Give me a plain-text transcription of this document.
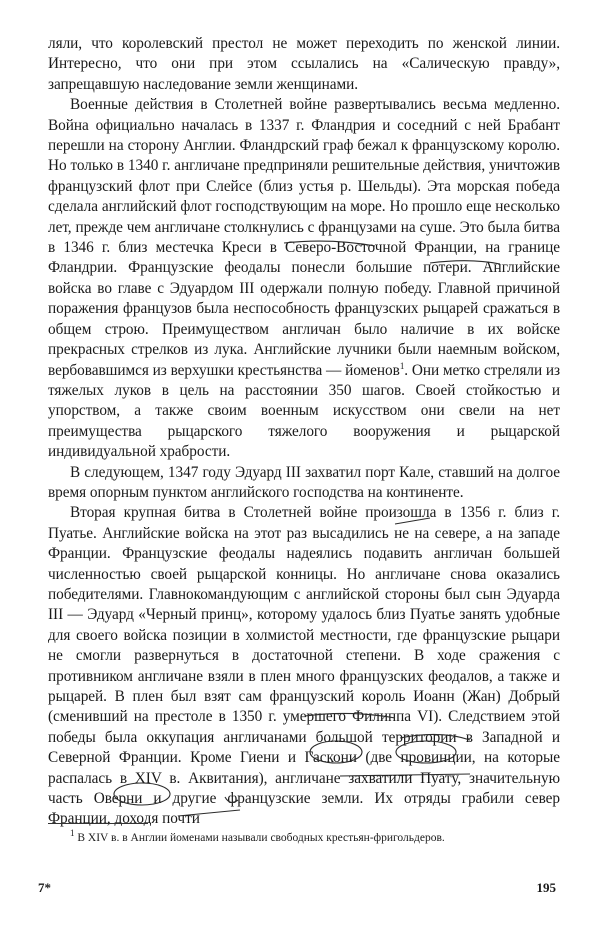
ляли, что королевский престол не может переходить по женской линии. Интересно, что они при этом ссылались на «Салическую правду», запрещавшую наследование земли женщинами.

Военные действия в Столетней войне развертывались весьма медленно. Война официально началась в 1337 г. Фландрия и соседний с ней Брабант перешли на сторону Англии. Фландрский граф бежал к французскому королю. Но только в 1340 г. англичане предприняли решительные действия, уничтожив французский флот при Слейсе (близ устья р. Шельды). Эта морская победа сделала английский флот господствующим на море. Но прошло еще несколько лет, прежде чем англичане столкнулись с французами на суше. Это была битва в 1346 г. близ местечка Креси в Северо-Восточной Франции, на границе Фландрии. Французские феодалы понесли большие потери. Английские войска во главе с Эдуардом III одержали полную победу. Главной причиной поражения французов была неспособность французских рыцарей сражаться в общем строю. Преимуществом англичан было наличие в их войске прекрасных стрелков из лука. Английские лучники были наемным войском, вербовавшимся из верхушки крестьянства — йоменов$^1$. Они метко стреляли из тяжелых луков в цель на расстоянии 350 шагов. Своей стойкостью и упорством, а также своим военным искусством они свели на нет преимущества рыцарского тяжелого вооружения и рыцарской индивидуальной храбрости.

В следующем, 1347 году Эдуард III захватил порт Кале, ставший на долгое время опорным пунктом английского господства на континенте.

Вторая крупная битва в Столетней войне произошла в 1356 г. близ г. Пуатье. Английские войска на этот раз высадились не на севере, а на западе Франции. Французские феодалы надеялись подавить англичан большей численностью своей рыцарской конницы. Но англичане снова оказались победителями. Главнокомандующим с английской стороны был сын Эдуарда III — Эдуард «Черный принц», которому удалось близ Пуатье занять удобные для своего войска позиции в холмистой местности, где французские рыцари не смогли развернуться в достаточной степени. В ходе сражения с противником англичане взяли в плен много французских феодалов, а также и рыцарей. В плен был взят сам французский король Иоанн (Жан) Добрый (сменивший на престоле в 1350 г. умершего Филиппа VI). Следствием этой победы была оккупация англичанами большой территории в Западной и Северной Франции. Кроме Гиени и Гаскони (две провинции, на которые распалась в XIV в. Аквитания), англичане захватили Пуату, значительную часть Оверни и другие французские земли. Их отряды грабили север Франции, доходя почти

$^1$ В XIV в. в Англии йоменами называли свободных крестьян-фригольдеров.

7*	195
